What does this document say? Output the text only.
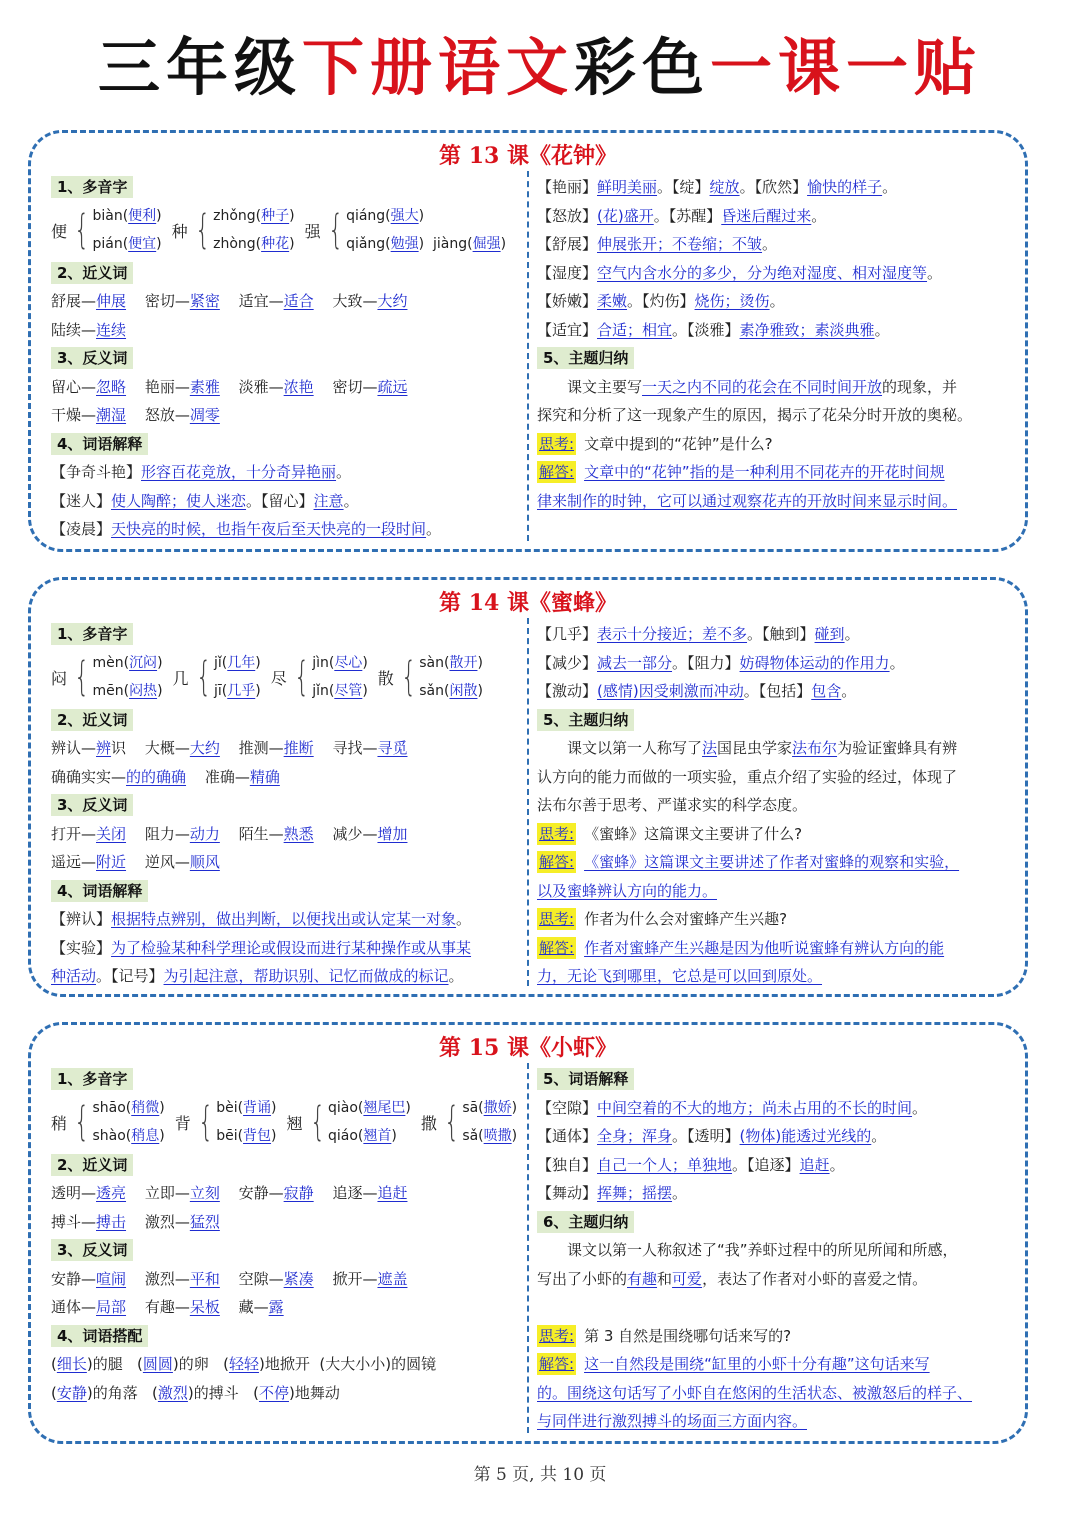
三年级下册语文彩色一课一贴
第 13 课《花钟》
1、多音字
便 { biàn(便利)
pián(便宜)
种 { zhǒng(种子)
zhòng(种花)
强 { qiáng(强大)
qiǎng(勉强) jiàng(倔强)
2、近义词
舒展—伸展 密切—紧密 适宜—适合 大致—大约
陆续—连续
3、反义词
留心—忽略 艳丽—素雅 淡雅—浓艳 密切—疏远
干燥—潮湿 怒放—凋零
4、词语解释
【争奇斗艳】形容百花竞放，十分奇异艳丽。
【迷人】使人陶醉；使人迷恋。【留心】注意。
【凌晨】天快亮的时候，也指午夜后至天快亮的一段时间。
【艳丽】鲜明美丽。【绽】绽放。【欣然】愉快的样子。
【怒放】(花)盛开。【苏醒】昏迷后醒过来。
【舒展】伸展张开；不卷缩；不皱。
【湿度】空气内含水分的多少，分为绝对湿度、相对湿度等。
【娇嫩】柔嫩。【灼伤】烧伤；烫伤。
【适宜】合适；相宜。【淡雅】素净雅致；素淡典雅。
5、主题归纳
课文主要写一天之内不同的花会在不同时间开放的现象，并
探究和分析了这一现象产生的原因，揭示了花朵分时开放的奥秘。
思考: 文章中提到的“花钟”是什么?
解答: 文章中的“花钟”指的是一种利用不同花卉的开花时间规
律来制作的时钟，它可以通过观察花卉的开放时间来显示时间。
第 14 课《蜜蜂》
1、多音字
闷 { mèn(沉闷)
mēn(闷热)
几 { jǐ(几年)
jī(几乎)
尽 { jìn(尽心)
jǐn(尽管)
散 { sàn(散开)
sǎn(闲散)
2、近义词
辨认—辨识 大概—大约 推测—推断 寻找—寻觅
确确实实—的的确确 准确—精确
3、反义词
打开—关闭 阻力—动力 陌生—熟悉 减少—增加
遥远—附近 逆风—顺风
4、词语解释
【辨认】根据特点辨别，做出判断，以便找出或认定某一对象。
【实验】为了检验某种科学理论或假设而进行某种操作或从事某
种活动。【记号】为引起注意，帮助识别、记忆而做成的标记。
【几乎】表示十分接近；差不多。【触到】碰到。
【减少】减去一部分。【阻力】妨碍物体运动的作用力。
【激动】(感情)因受刺激而冲动。【包括】包含。
5、主题归纳
课文以第一人称写了法国昆虫学家法布尔为验证蜜蜂具有辨
认方向的能力而做的一项实验，重点介绍了实验的经过，体现了
法布尔善于思考、严谨求实的科学态度。
思考: 《蜜蜂》这篇课文主要讲了什么?
解答: 《蜜蜂》这篇课文主要讲述了作者对蜜蜂的观察和实验，
以及蜜蜂辨认方向的能力。
思考: 作者为什么会对蜜蜂产生兴趣?
解答: 作者对蜜蜂产生兴趣是因为他听说蜜蜂有辨认方向的能
力，无论飞到哪里，它总是可以回到原处。
第 15 课《小虾》
1、多音字
稍 { shāo(稍微)
shào(稍息)
背 { bèi(背诵)
bēi(背包)
翘 { qiào(翘尾巴)
qiáo(翘首)
撒 { sā(撒娇)
sǎ(喷撒)
2、近义词
透明—透亮 立即—立刻 安静—寂静 追逐—追赶
搏斗—搏击 激烈—猛烈
3、反义词
安静—喧闹 激烈—平和 空隙—紧凑 掀开—遮盖
通体—局部 有趣—呆板 藏—露
4、词语搭配
(细长)的腿 (圆圆)的卵 (轻轻)地掀开 (大大小小)的圆镜
(安静)的角落 (激烈)的搏斗 (不停)地舞动
5、词语解释
【空隙】中间空着的不大的地方；尚未占用的不长的时间。
【通体】全身；浑身。【透明】(物体)能透过光线的。
【独自】自己一个人；单独地。【追逐】追赶。
【舞动】挥舞；摇摆。
6、主题归纳
课文以第一人称叙述了“我”养虾过程中的所见所闻和所感，
写出了小虾的有趣和可爱，表达了作者对小虾的喜爱之情。

思考: 第 3 自然是围绕哪句话来写的?
解答: 这一自然段是围绕“缸里的小虾十分有趣”这句话来写
的。围绕这句话写了小虾自在悠闲的生活状态、被激怒后的样子、
与同伴进行激烈搏斗的场面三方面内容。
第 5 页, 共 10 页
